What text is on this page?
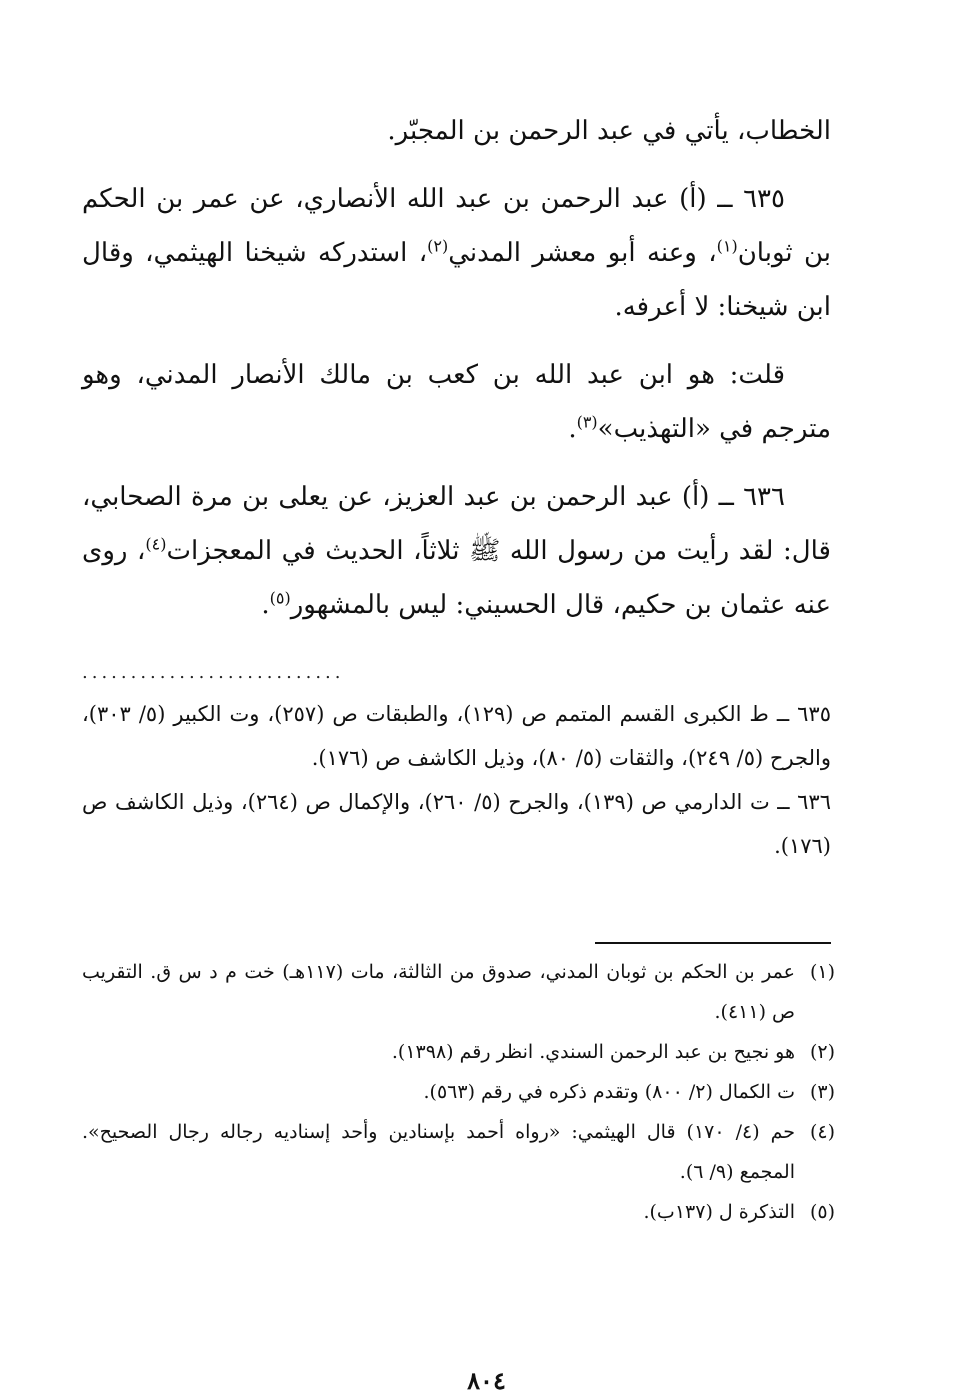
الخطاب، يأتي في عبد الرحمن بن المجبّر.

٦٣٥ ــ (أ) عبد الرحمن بن عبد الله الأنصاري، عن عمر بن الحكم بن ثوبان$^{(١)}$، وعنه أبو معشر المدني$^{(٢)}$، استدركه شيخنا الهيثمي، وقال ابن شيخنا: لا أعرفه.

قلت: هو ابن عبد الله بن كعب بن مالك الأنصار المدني، وهو مترجم في «التهذيب»$^{(٣)}$.

٦٣٦ ــ (أ) عبد الرحمن بن عبد العزيز، عن يعلى بن مرة الصحابي، قال: لقد رأيت من رسول الله ﷺ ثلاثاً، الحديث في المعجزات$^{(٤)}$، روى عنه عثمان بن حكيم، قال الحسيني: ليس بالمشهور$^{(٥)}$.

...........................

٦٣٥ ــ ط الكبرى القسم المتمم ص (١٢٩)، والطبقات ص (٢٥٧)، وت الكبير (٥/ ٣٠٣)، والجرح (٥/ ٢٤٩)، والثقات (٥/ ٨٠)، وذيل الكاشف ص (١٧٦).

٦٣٦ ــ ت الدارمي ص (١٣٩)، والجرح (٥/ ٢٦٠)، والإكمال ص (٢٦٤)، وذيل الكاشف ص (١٧٦).

(١)
عمر بن الحكم بن ثوبان المدني، صدوق من الثالثة، مات (١١٧هـ) خت م د س ق. التقريب ص (٤١١).
(٢)
هو نجيح بن عبد الرحمن السندي. انظر رقم (١٣٩٨).
(٣)
ت الكمال (٢/ ٨٠٠) وتقدم ذكره في رقم (٥٦٣).
(٤)
حم (٤/ ١٧٠) قال الهيثمي: «رواه أحمد بإسنادين وأحد إسناديه رجاله رجال الصحيح». المجمع (٩/ ٦).
(٥)
التذكرة ل (١٣٧ب).
٨٠٤
